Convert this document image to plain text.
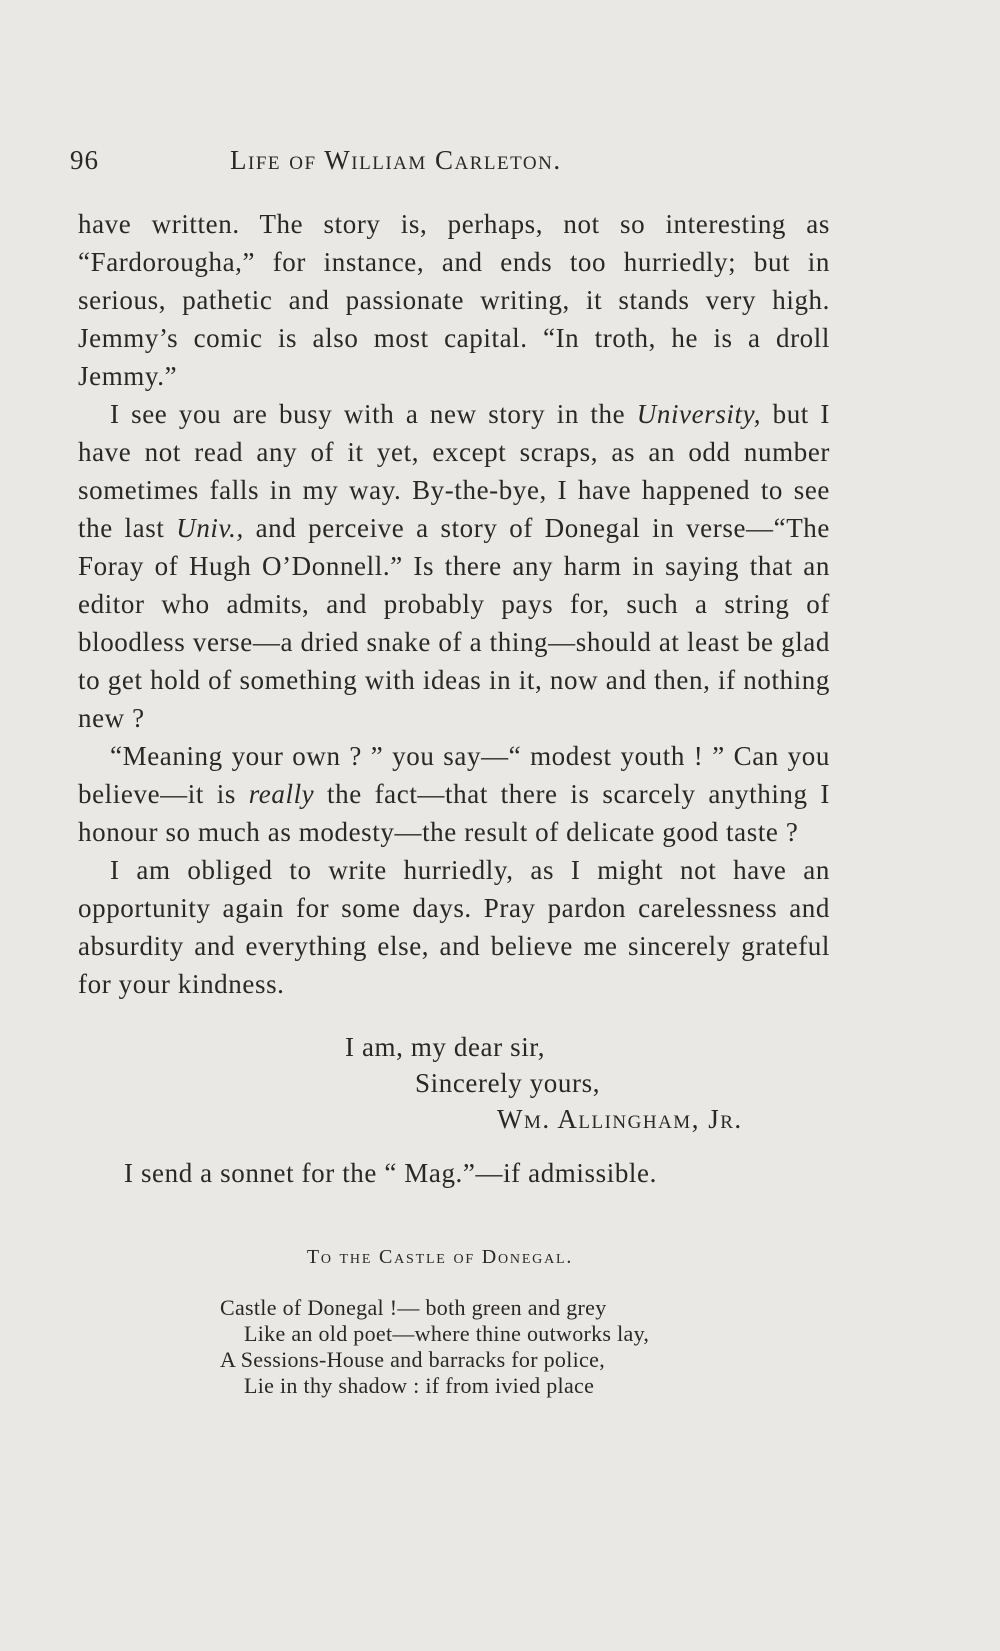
96	Life of William Carleton.

have written. The story is, perhaps, not so interesting as “Fardorougha,” for instance, and ends too hurriedly; but in serious, pathetic and passionate writing, it stands very high. Jemmy’s comic is also most capital. “In troth, he is a droll Jemmy.”

I see you are busy with a new story in the University, but I have not read any of it yet, except scraps, as an odd number sometimes falls in my way. By-the-bye, I have happened to see the last Univ., and perceive a story of Donegal in verse—“The Foray of Hugh O’Donnell.” Is there any harm in saying that an editor who admits, and probably pays for, such a string of bloodless verse—a dried snake of a thing—should at least be glad to get hold of something with ideas in it, now and then, if nothing new ?

“Meaning your own ? ” you say—“ modest youth ! ” Can you believe—it is really the fact—that there is scarcely anything I honour so much as modesty—the result of delicate good taste ?

I am obliged to write hurriedly, as I might not have an opportunity again for some days. Pray pardon carelessness and absurdity and everything else, and believe me sincerely grateful for your kindness.

I am, my dear sir,
Sincerely yours,
Wm. Allingham, Jr.
I send a sonnet for the “ Mag.”—if admissible.
To the Castle of Donegal.
Castle of Donegal !— both green and grey
Like an old poet—where thine outworks lay,
A Sessions-House and barracks for police,
Lie in thy shadow : if from ivied place
